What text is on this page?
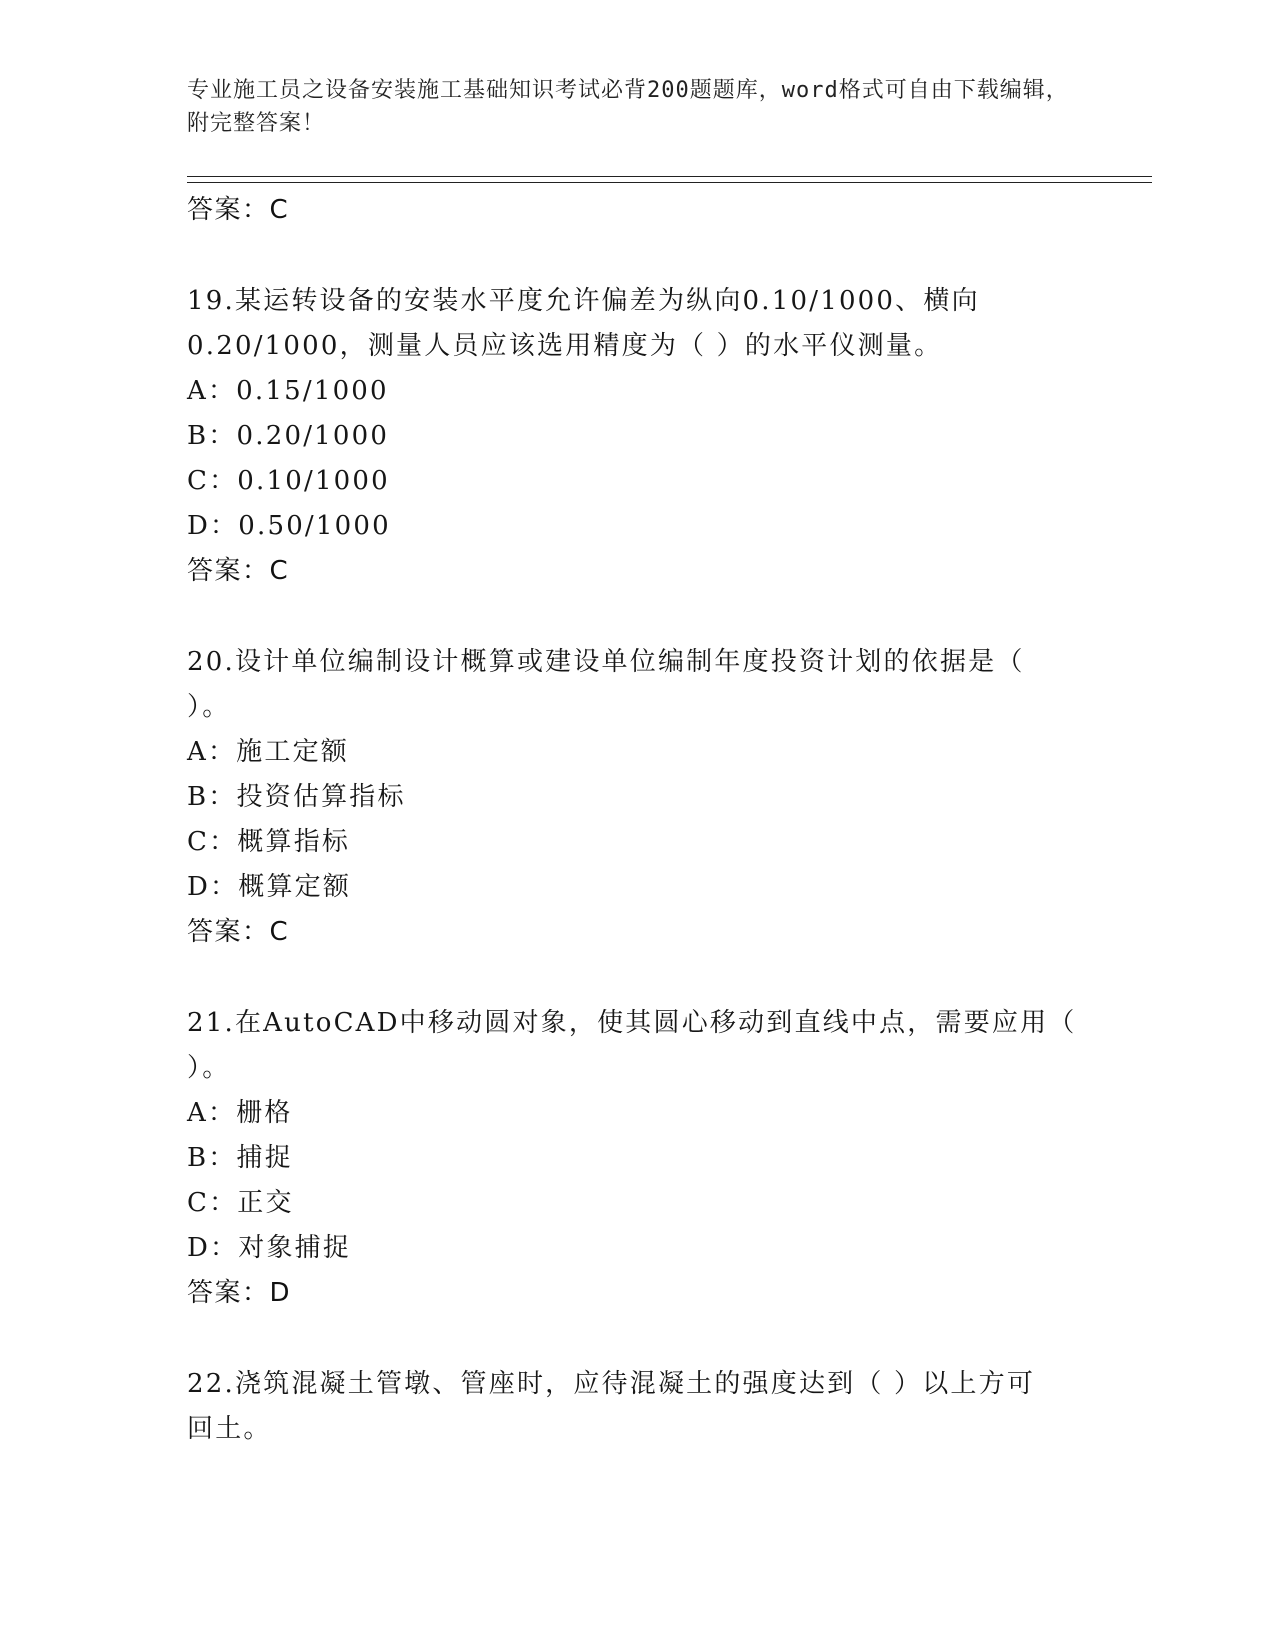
专业施工员之设备安装施工基础知识考试必背200题题库，word格式可自由下载编辑，附完整答案！
答案：C
19.某运转设备的安装水平度允许偏差为纵向0.10/1000、横向
0.20/1000，测量人员应该选用精度为（ ）的水平仪测量。
A：0.15/1000
B：0.20/1000
C：0.10/1000
D：0.50/1000
答案：C
20.设计单位编制设计概算或建设单位编制年度投资计划的依据是（
）。
A：施工定额
B：投资估算指标
C：概算指标
D：概算定额
答案：C
21.在AutoCAD中移动圆对象，使其圆心移动到直线中点，需要应用（
）。
A：栅格
B：捕捉
C：正交
D：对象捕捉
答案：D
22.浇筑混凝土管墩、管座时，应待混凝土的强度达到（ ）以上方可
回土。
